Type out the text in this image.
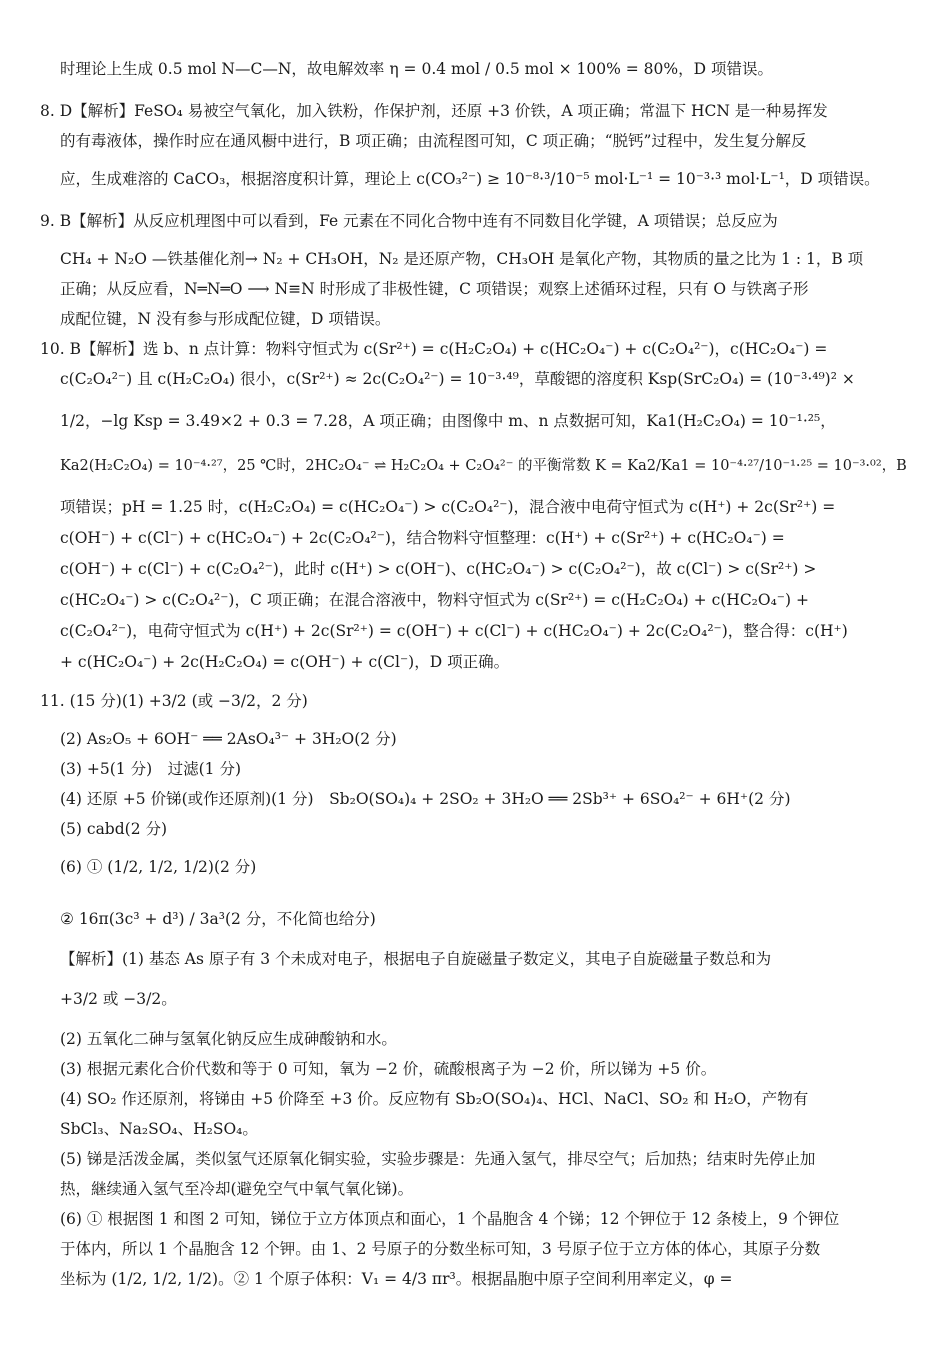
时理论上生成 0.5 mol N—C—N，故电解效率 η = 0.4 mol / 0.5 mol × 100% = 80%，D 项错误。
8. D【解析】FeSO₄ 易被空气氧化，加入铁粉，作保护剂，还原 +3 价铁，A 项正确；常温下 HCN 是一种易挥发
的有毒液体，操作时应在通风橱中进行，B 项正确；由流程图可知，C 项正确；“脱钙”过程中，发生复分解反
应，生成难溶的 CaCO₃，根据溶度积计算，理论上 c(CO₃²⁻) ≥ 10⁻⁸·³/10⁻⁵ mol·L⁻¹ = 10⁻³·³ mol·L⁻¹，D 项错误。
9. B【解析】从反应机理图中可以看到，Fe 元素在不同化合物中连有不同数目化学键，A 项错误；总反应为
CH₄ + N₂O —铁基催化剂→ N₂ + CH₃OH，N₂ 是还原产物，CH₃OH 是氧化产物，其物质的量之比为 1 : 1，B 项
正确；从反应看，N═N═O ⟶ N≡N 时形成了非极性键，C 项错误；观察上述循环过程，只有 O 与铁离子形
成配位键，N 没有参与形成配位键，D 项错误。
10. B【解析】选 b、n 点计算：物料守恒式为 c(Sr²⁺) = c(H₂C₂O₄) + c(HC₂O₄⁻) + c(C₂O₄²⁻)，c(HC₂O₄⁻) =
c(C₂O₄²⁻) 且 c(H₂C₂O₄) 很小，c(Sr²⁺) ≈ 2c(C₂O₄²⁻) = 10⁻³·⁴⁹，草酸锶的溶度积 Ksp(SrC₂O₄) = (10⁻³·⁴⁹)² ×
1/2，−lg Ksp = 3.49×2 + 0.3 = 7.28，A 项正确；由图像中 m、n 点数据可知，Ka1(H₂C₂O₄) = 10⁻¹·²⁵，
Ka2(H₂C₂O₄) = 10⁻⁴·²⁷，25 ℃时，2HC₂O₄⁻ ⇌ H₂C₂O₄ + C₂O₄²⁻ 的平衡常数 K = Ka2/Ka1 = 10⁻⁴·²⁷/10⁻¹·²⁵ = 10⁻³·⁰²，B
项错误；pH = 1.25 时，c(H₂C₂O₄) = c(HC₂O₄⁻) > c(C₂O₄²⁻)，混合液中电荷守恒式为 c(H⁺) + 2c(Sr²⁺) =
c(OH⁻) + c(Cl⁻) + c(HC₂O₄⁻) + 2c(C₂O₄²⁻)，结合物料守恒整理：c(H⁺) + c(Sr²⁺) + c(HC₂O₄⁻) =
c(OH⁻) + c(Cl⁻) + c(C₂O₄²⁻)，此时 c(H⁺) > c(OH⁻)、c(HC₂O₄⁻) > c(C₂O₄²⁻)，故 c(Cl⁻) > c(Sr²⁺) >
c(HC₂O₄⁻) > c(C₂O₄²⁻)，C 项正确；在混合溶液中，物料守恒式为 c(Sr²⁺) = c(H₂C₂O₄) + c(HC₂O₄⁻) +
c(C₂O₄²⁻)，电荷守恒式为 c(H⁺) + 2c(Sr²⁺) = c(OH⁻) + c(Cl⁻) + c(HC₂O₄⁻) + 2c(C₂O₄²⁻)，整合得：c(H⁺)
+ c(HC₂O₄⁻) + 2c(H₂C₂O₄) = c(OH⁻) + c(Cl⁻)，D 项正确。
11. (15 分)(1) +3/2 (或 −3/2，2 分)
(2) As₂O₅ + 6OH⁻ ══ 2AsO₄³⁻ + 3H₂O(2 分)
(3) +5(1 分)　过滤(1 分)
(4) 还原 +5 价锑(或作还原剂)(1 分)　Sb₂O(SO₄)₄ + 2SO₂ + 3H₂O ══ 2Sb³⁺ + 6SO₄²⁻ + 6H⁺(2 分)
(5) cabd(2 分)
(6) ① (1/2, 1/2, 1/2)(2 分)
② 16π(3c³ + d³) / 3a³(2 分，不化简也给分)
【解析】(1) 基态 As 原子有 3 个未成对电子，根据电子自旋磁量子数定义，其电子自旋磁量子数总和为
+3/2 或 −3/2。
(2) 五氧化二砷与氢氧化钠反应生成砷酸钠和水。
(3) 根据元素化合价代数和等于 0 可知，氧为 −2 价，硫酸根离子为 −2 价，所以锑为 +5 价。
(4) SO₂ 作还原剂，将锑由 +5 价降至 +3 价。反应物有 Sb₂O(SO₄)₄、HCl、NaCl、SO₂ 和 H₂O，产物有
SbCl₃、Na₂SO₄、H₂SO₄。
(5) 锑是活泼金属，类似氢气还原氧化铜实验，实验步骤是：先通入氢气，排尽空气；后加热；结束时先停止加
热，継续通入氢气至冷却(避免空气中氧气氧化锑)。
(6) ① 根据图 1 和图 2 可知，锑位于立方体顶点和面心，1 个晶胞含 4 个锑；12 个钾位于 12 条棱上，9 个钾位
于体内，所以 1 个晶胞含 12 个钾。由 1、2 号原子的分数坐标可知，3 号原子位于立方体的体心，其原子分数
坐标为 (1/2, 1/2, 1/2)。② 1 个原子体积：V₁ = 4/3 πr³。根据晶胞中原子空间利用率定义，φ =
